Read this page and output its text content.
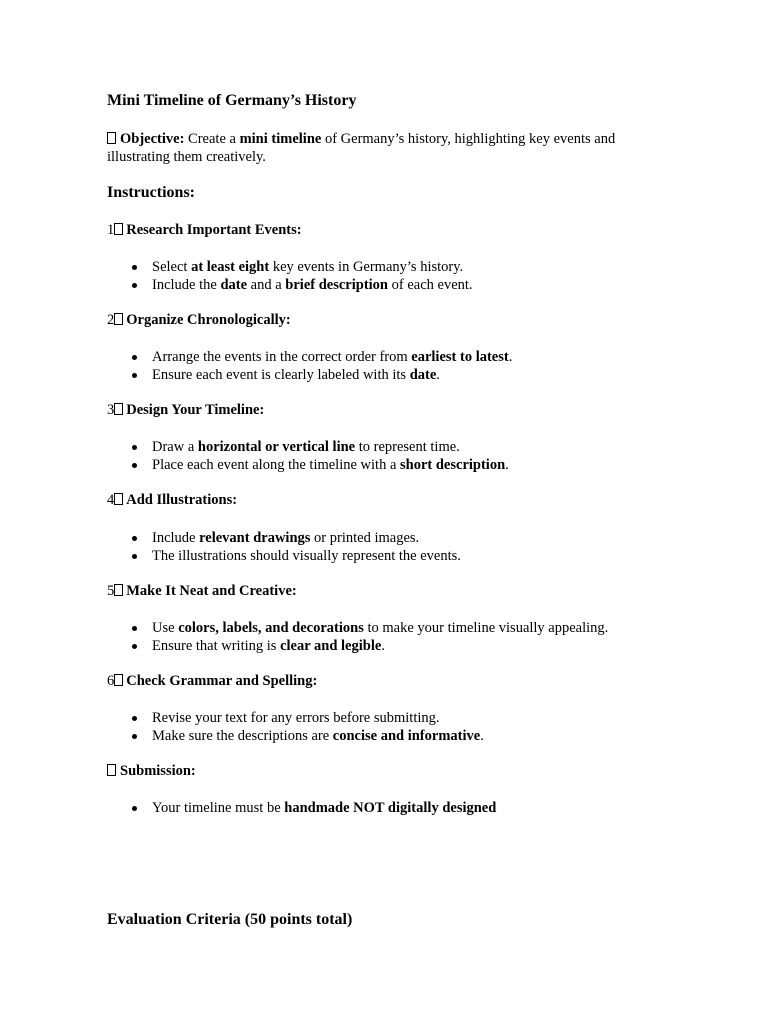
Mini Timeline of Germany’s History
Objective: Create a mini timeline of Germany’s history, highlighting key events and illustrating them creatively.
Instructions:
1 Research Important Events:
Select at least eight key events in Germany’s history.
Include the date and a brief description of each event.
2 Organize Chronologically:
Arrange the events in the correct order from earliest to latest.
Ensure each event is clearly labeled with its date.
3 Design Your Timeline:
Draw a horizontal or vertical line to represent time.
Place each event along the timeline with a short description.
4 Add Illustrations:
Include relevant drawings or printed images.
The illustrations should visually represent the events.
5 Make It Neat and Creative:
Use colors, labels, and decorations to make your timeline visually appealing.
Ensure that writing is clear and legible.
6 Check Grammar and Spelling:
Revise your text for any errors before submitting.
Make sure the descriptions are concise and informative.
Submission:
Your timeline must be handmade NOT digitally designed
Evaluation Criteria (50 points total)
